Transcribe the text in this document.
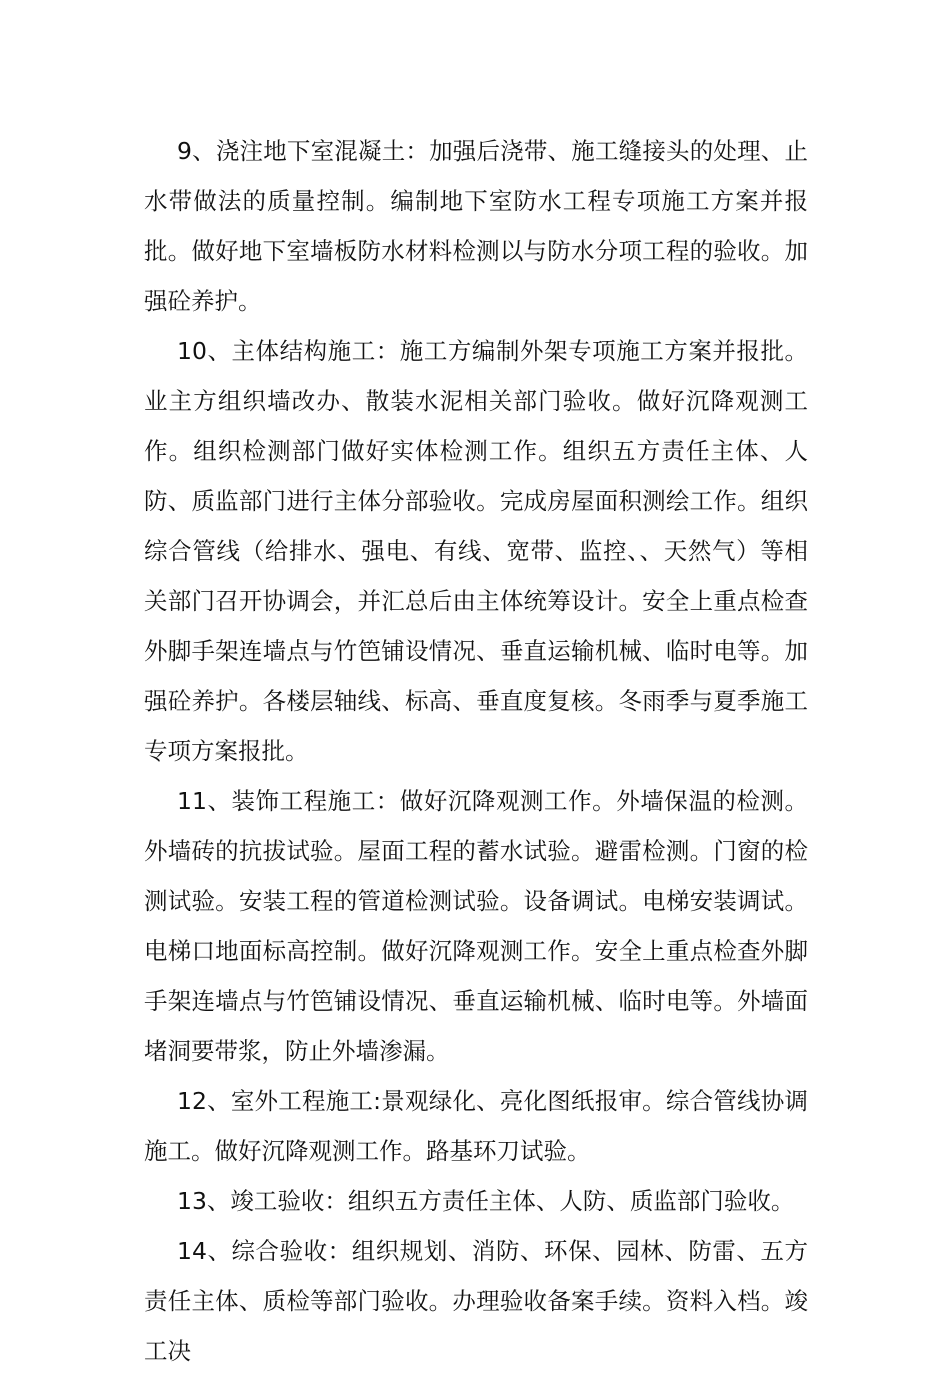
9、浇注地下室混凝土：加强后浇带、施工缝接头的处理、止水带做法的质量控制。编制地下室防水工程专项施工方案并报批。做好地下室墙板防水材料检测以与防水分项工程的验收。加强砼养护。

10、主体结构施工：施工方编制外架专项施工方案并报批。业主方组织墙改办、散装水泥相关部门验收。做好沉降观测工作。组织检测部门做好实体检测工作。组织五方责任主体、人防、质监部门进行主体分部验收。完成房屋面积测绘工作。组织综合管线（给排水、强电、有线、宽带、监控、、天然气）等相关部门召开协调会，并汇总后由主体统筹设计。安全上重点检查外脚手架连墙点与竹笆铺设情况、垂直运输机械、临时电等。加强砼养护。各楼层轴线、标高、垂直度复核。冬雨季与夏季施工专项方案报批。

11、装饰工程施工：做好沉降观测工作。外墙保温的检测。外墙砖的抗拔试验。屋面工程的蓄水试验。避雷检测。门窗的检测试验。安装工程的管道检测试验。设备调试。电梯安装调试。电梯口地面标高控制。做好沉降观测工作。安全上重点检查外脚手架连墙点与竹笆铺设情况、垂直运输机械、临时电等。外墙面堵洞要带浆，防止外墙渗漏。

12、室外工程施工:景观绿化、亮化图纸报审。综合管线协调施工。做好沉降观测工作。路基环刀试验。

13、竣工验收：组织五方责任主体、人防、质监部门验收。

14、综合验收：组织规划、消防、环保、园林、防雷、五方责任主体、质检等部门验收。办理验收备案手续。资料入档。竣工决
